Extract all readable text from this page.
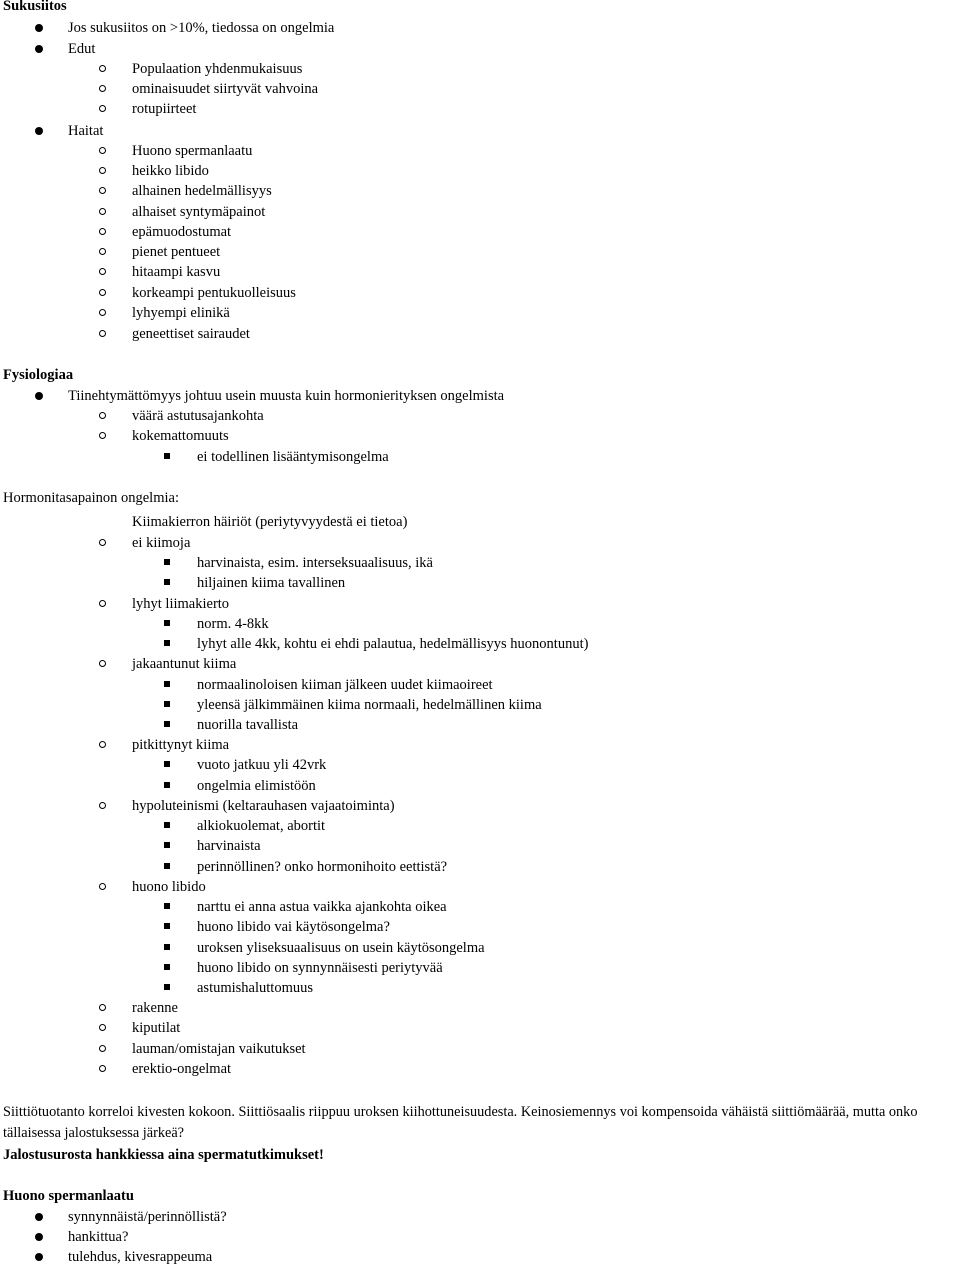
Sukusiitos
Jos sukusiitos on >10%, tiedossa on ongelmia
Edut
Populaation yhdenmukaisuus
ominaisuudet siirtyvät vahvoina
rotupiirteet
Haitat
Huono spermanlaatu
heikko libido
alhainen hedelmällisyys
alhaiset syntymäpainot
epämuodostumat
pienet pentueet
hitaampi kasvu
korkeampi pentukuolleisuus
lyhyempi elinikä
geneettiset sairaudet
Fysiologiaa
Tiinehtymättömyys johtuu usein muusta kuin hormonierityksen ongelmista
väärä astutusajankohta
kokemattomuuts
ei todellinen lisääntymisongelma
Hormonitasapainon ongelmia:
Kiimakierron häiriöt (periytyvyydestä ei tietoa)
ei kiimoja
harvinaista, esim. interseksuaalisuus, ikä
hiljainen kiima tavallinen
lyhyt liimakierto
norm. 4-8kk
lyhyt alle 4kk, kohtu ei ehdi palautua, hedelmällisyys huonontunut)
jakaantunut kiima
normaalinoloisen kiiman jälkeen uudet kiimaoireet
yleensä jälkimmäinen kiima normaali, hedelmällinen kiima
nuorilla tavallista
pitkittynyt kiima
vuoto jatkuu yli 42vrk
ongelmia elimistöön
hypoluteinismi (keltarauhasen vajaatoiminta)
alkiokuolemat, abortit
harvinaista
perinnöllinen? onko hormonihoito eettistä?
huono libido
narttu ei anna astua vaikka ajankohta oikea
huono libido vai käytösongelma?
uroksen yliseksuaalisuus on usein käytösongelma
huono libido on synnynnäisesti periytyvää
astumishaluttomuus
rakenne
kiputilat
lauman/omistajan vaikutukset
erektio-ongelmat
Siittiötuotanto korreloi kivesten kokoon. Siittiösaalis riippuu uroksen kiihottuneisuudesta. Keinosiemennys voi kompensoida vähäistä siittiömäärää, mutta onko tällaisessa jalostuksessa järkeä?
Jalostusurosta hankkiessa aina spermatutkimukset!
Huono spermanlaatu
synnynnäistä/perinnöllistä?
hankittua?
tulehdus, kivesrappeuma
